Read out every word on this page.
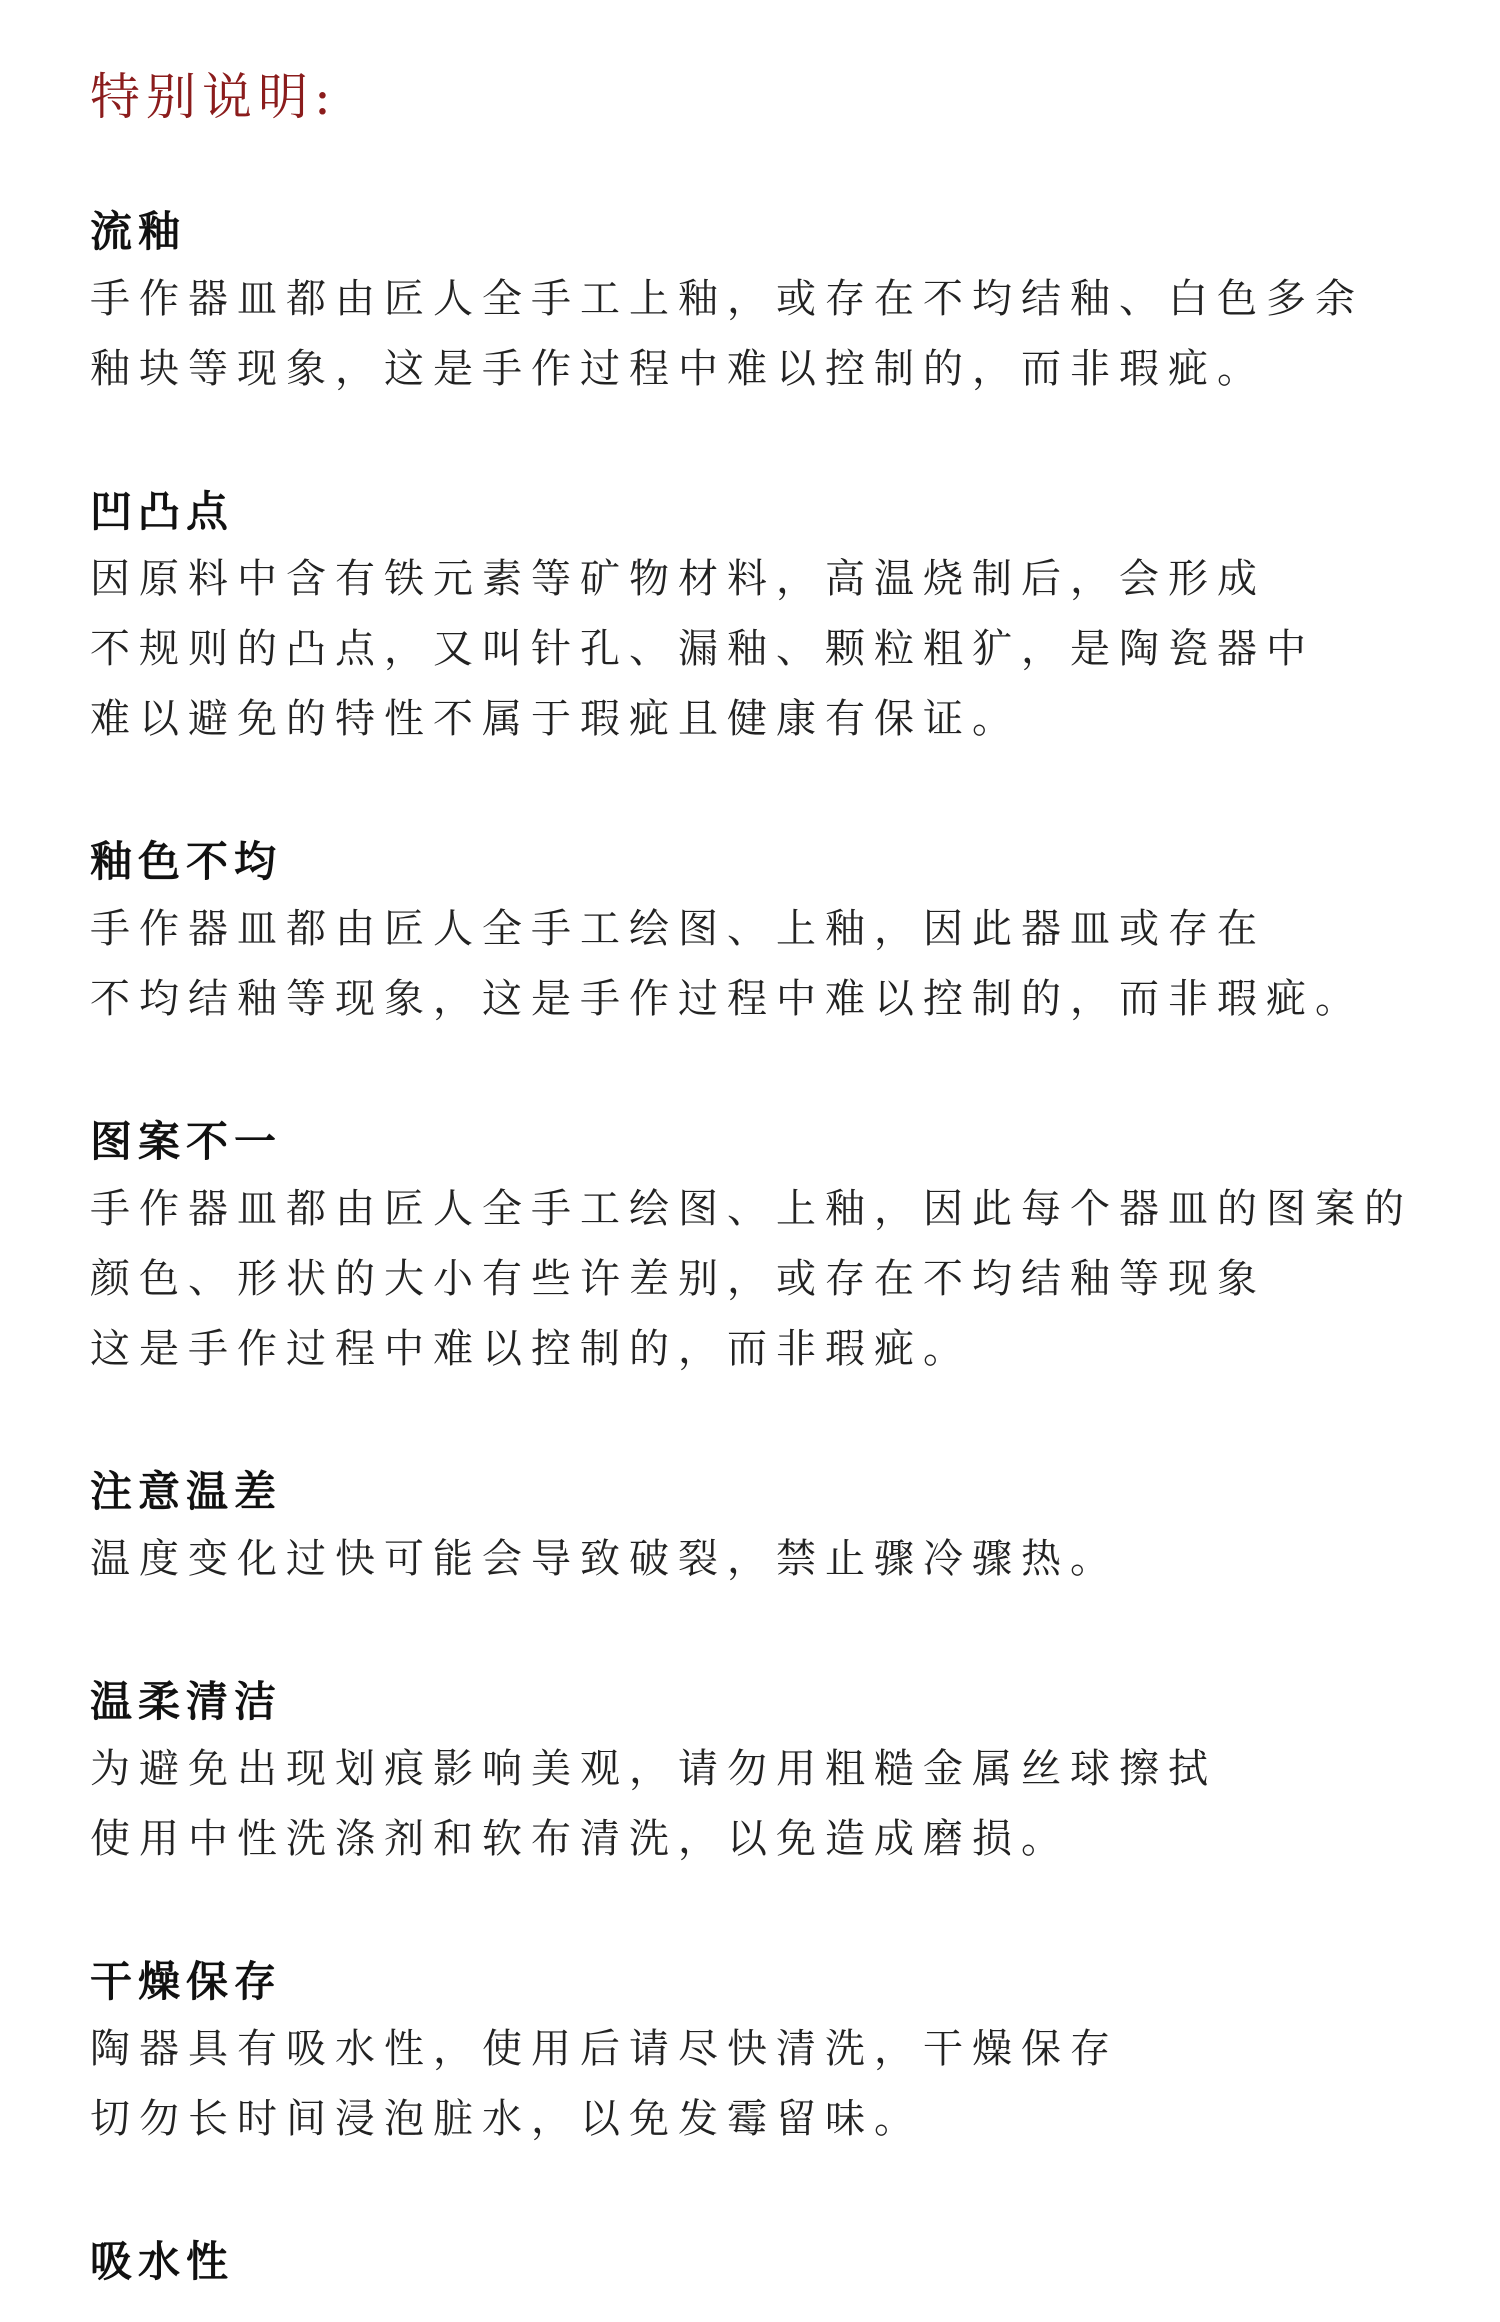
特别说明:
流釉

手作器皿都由匠人全手工上釉，或存在不均结釉、白色多余

釉块等现象，这是手作过程中难以控制的，而非瑕疵。

凹凸点

因原料中含有铁元素等矿物材料，高温烧制后，会形成

不规则的凸点，又叫针孔、漏釉、颗粒粗犷，是陶瓷器中

难以避免的特性不属于瑕疵且健康有保证。

釉色不均

手作器皿都由匠人全手工绘图、上釉，因此器皿或存在

不均结釉等现象，这是手作过程中难以控制的，而非瑕疵。

图案不一

手作器皿都由匠人全手工绘图、上釉，因此每个器皿的图案的

颜色、形状的大小有些许差别，或存在不均结釉等现象

这是手作过程中难以控制的，而非瑕疵。

注意温差

温度变化过快可能会导致破裂，禁止骤冷骤热。

温柔清洁

为避免出现划痕影响美观，请勿用粗糙金属丝球擦拭

使用中性洗涤剂和软布清洗，以免造成磨损。

干燥保存

陶器具有吸水性，使用后请尽快清洗，干燥保存

切勿长时间浸泡脏水，以免发霉留味。

吸水性
